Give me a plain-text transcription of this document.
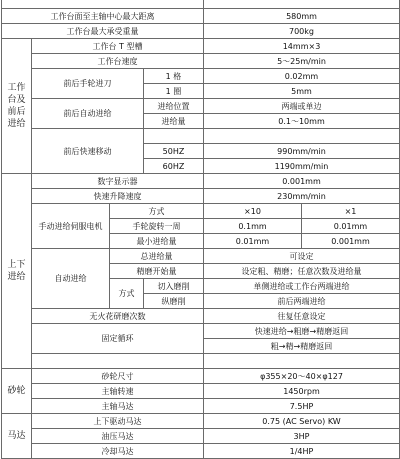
工作台面至主轴中心最大距离				580mm	
工作台最大承受重量				700kg	

工作
台及
前后
进给	工作台 T 型槽			14mm×3	
	工作台速度			5～25m/min	
	前后手轮进刀		1 格	0.02mm	
			1 圈	5mm	
	前后自动进给		进给位置	两端或单边	
			进给量	0.1～10mm	
	前后快速移动				
			50HZ	990mm/min	
			60HZ	1190mm/min	

上下
进给	数字显示器			0.001mm	
	快速升降速度			230mm/min	
	手动进给伺服电机	方式		×10	×1
		手轮旋转一周		0.1mm	0.01mm
		最小进给量		0.01mm	0.001mm
	自动进给	总进给量		可设定	
		精磨开始量		设定粗、精磨；任意次数及进给量	
		方式	切入磨削	单侧进给或工作台两端进给	
			纵磨削	前后两端进给	
	无火花研磨次数			往复任意设定	
	固定循环			快速进给→粗磨→精磨返回	
				粗→精→精磨返回	

砂轮	砂轮尺寸			φ355×20～40×φ127	
	主轴转速			1450rpm	
	主轴马达			7.5HP	
马达	上下驱动马达			0.75 (AC Servo) KW	
	油压马达			3HP	
	冷却马达			1/4HP	
